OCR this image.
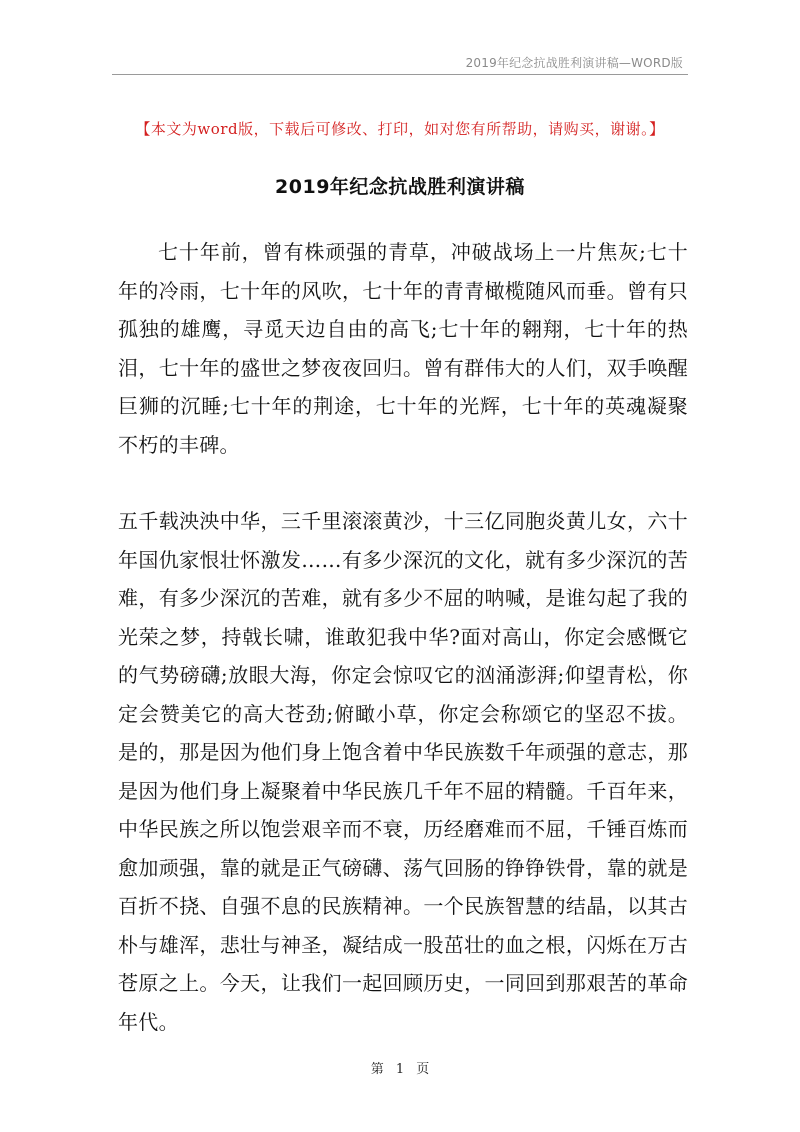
2019年纪念抗战胜利演讲稿—WORD版
【本文为word版，下载后可修改、打印，如对您有所帮助，请购买，谢谢。】
2019年纪念抗战胜利演讲稿

七十年前，曾有株顽强的青草，冲破战场上一片焦灰;七十年的冷雨，七十年的风吹，七十年的青青橄榄随风而垂。曾有只孤独的雄鹰，寻觅天边自由的高飞;七十年的翱翔，七十年的热泪，七十年的盛世之梦夜夜回归。曾有群伟大的人们，双手唤醒巨狮的沉睡;七十年的荆途，七十年的光辉，七十年的英魂凝聚不朽的丰碑。

五千载泱泱中华，三千里滚滚黄沙，十三亿同胞炎黄儿女，六十年国仇家恨壮怀激发……有多少深沉的文化，就有多少深沉的苦难，有多少深沉的苦难，就有多少不屈的呐喊，是谁勾起了我的光荣之梦，持戟长啸，谁敢犯我中华?面对高山，你定会感慨它的气势磅礴;放眼大海，你定会惊叹它的汹涌澎湃;仰望青松，你定会赞美它的高大苍劲;俯瞰小草，你定会称颂它的坚忍不拔。是的，那是因为他们身上饱含着中华民族数千年顽强的意志，那是因为他们身上凝聚着中华民族几千年不屈的精髓。千百年来，中华民族之所以饱尝艰辛而不衰，历经磨难而不屈，千锤百炼而愈加顽强，靠的就是正气磅礴、荡气回肠的铮铮铁骨，靠的就是百折不挠、自强不息的民族精神。一个民族智慧的结晶，以其古朴与雄浑，悲壮与神圣，凝结成一股茁壮的血之根，闪烁在万古苍原之上。今天，让我们一起回顾历史，一同回到那艰苦的革命年代。

第 1 页
